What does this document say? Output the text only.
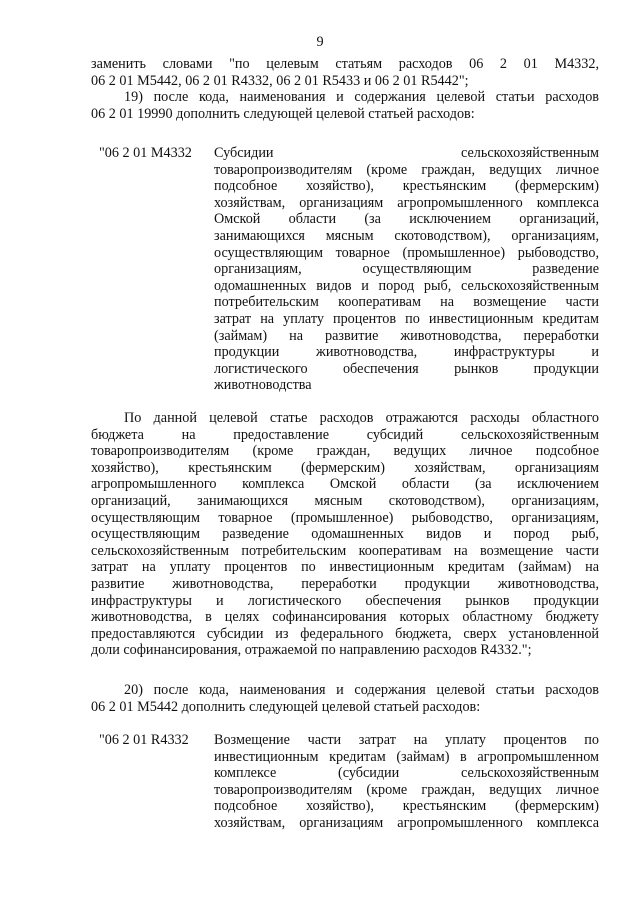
9
заменить словами "по целевым статьям расходов 06 2 01 М4332,
06 2 01 М5442, 06 2 01 R4332, 06 2 01 R5433 и 06 2 01 R5442";
19) после кода, наименования и содержания целевой статьи расходов
06 2 01 19990 дополнить следующей целевой статьей расходов:
"06 2 01 М4332 Субсидии сельскохозяйственным
товаропроизводителям (кроме граждан, ведущих личное
подсобное хозяйство), крестьянским (фермерским)
хозяйствам, организациям агропромышленного комплекса
Омской области (за исключением организаций,
занимающихся мясным скотоводством), организациям,
осуществляющим товарное (промышленное) рыбоводство,
организациям, осуществляющим разведение
одомашненных видов и пород рыб, сельскохозяйственным
потребительским кооперативам на возмещение части
затрат на уплату процентов по инвестиционным кредитам
(займам) на развитие животноводства, переработки
продукции животноводства, инфраструктуры и
логистического обеспечения рынков продукции
животноводства
По данной целевой статье расходов отражаются расходы областного
бюджета на предоставление субсидий сельскохозяйственным
товаропроизводителям (кроме граждан, ведущих личное подсобное
хозяйство), крестьянским (фермерским) хозяйствам, организациям
агропромышленного комплекса Омской области (за исключением
организаций, занимающихся мясным скотоводством), организациям,
осуществляющим товарное (промышленное) рыбоводство, организациям,
осуществляющим разведение одомашненных видов и пород рыб,
сельскохозяйственным потребительским кооперативам на возмещение части
затрат на уплату процентов по инвестиционным кредитам (займам) на
развитие животноводства, переработки продукции животноводства,
инфраструктуры и логистического обеспечения рынков продукции
животноводства, в целях софинансирования которых областному бюджету
предоставляются субсидии из федерального бюджета, сверх установленной
доли софинансирования, отражаемой по направлению расходов R4332.";
20) после кода, наименования и содержания целевой статьи расходов
06 2 01 М5442 дополнить следующей целевой статьей расходов:
"06 2 01 R4332 Возмещение части затрат на уплату процентов по
инвестиционным кредитам (займам) в агропромышленном
комплексе (субсидии сельскохозяйственным
товаропроизводителям (кроме граждан, ведущих личное
подсобное хозяйство), крестьянским (фермерским)
хозяйствам, организациям агропромышленного комплекса
